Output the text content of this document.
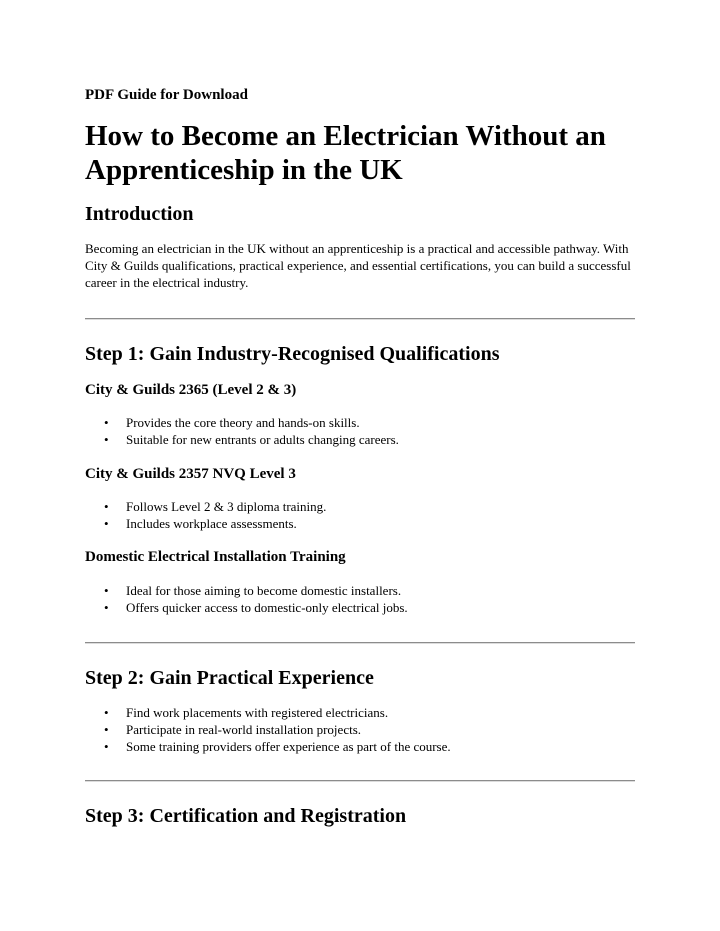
PDF Guide for Download

How to Become an Electrician Without an Apprenticeship in the UK
Introduction

Becoming an electrician in the UK without an apprenticeship is a practical and accessible pathway. With City & Guilds qualifications, practical experience, and essential certifications, you can build a successful career in the electrical industry.

Step 1: Gain Industry-Recognised Qualifications
City & Guilds 2365 (Level 2 & 3)
• Provides the core theory and hands-on skills.
• Suitable for new entrants or adults changing careers.
City & Guilds 2357 NVQ Level 3
• Follows Level 2 & 3 diploma training.
• Includes workplace assessments.
Domestic Electrical Installation Training
• Ideal for those aiming to become domestic installers.
• Offers quicker access to domestic-only electrical jobs.
Step 2: Gain Practical Experience
• Find work placements with registered electricians.
• Participate in real-world installation projects.
• Some training providers offer experience as part of the course.
Step 3: Certification and Registration
